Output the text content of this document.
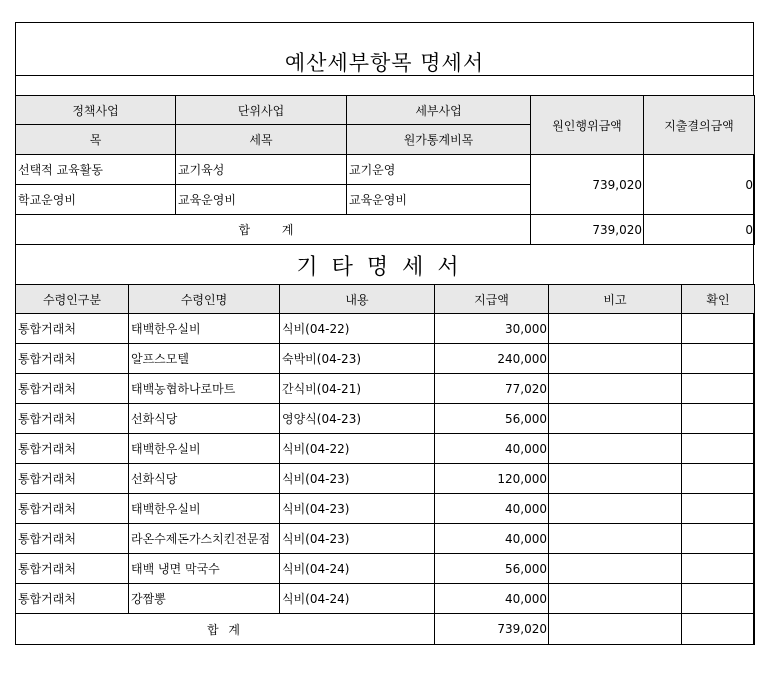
예산세부항목 명세서
정책사업	단위사업	세부사업	원인행위금액	지출결의금액
목	세목	원가통계비목		
선택적 교육활동	교기육성	교기운영	739,020	0
학교운영비	교육운영비	교육운영비		
합 계			739,020	0
기타명세서
수령인구분	수령인명	내용	지급액	비고	확인
통합거래처	태백한우실비	식비(04-22)	30,000		
통합거래처	알프스모텔	숙박비(04-23)	240,000		
통합거래처	태백농협하나로마트	간식비(04-21)	77,020		
통합거래처	선화식당	영양식(04-23)	56,000		
통합거래처	태백한우실비	식비(04-22)	40,000		
통합거래처	선화식당	식비(04-23)	120,000		
통합거래처	태백한우실비	식비(04-23)	40,000		
통합거래처	라온수제돈가스치킨전문점	식비(04-23)	40,000		
통합거래처	태백 냉면 막국수	식비(04-24)	56,000		
통합거래처	강짬뽕	식비(04-24)	40,000		
합 계			739,020		
